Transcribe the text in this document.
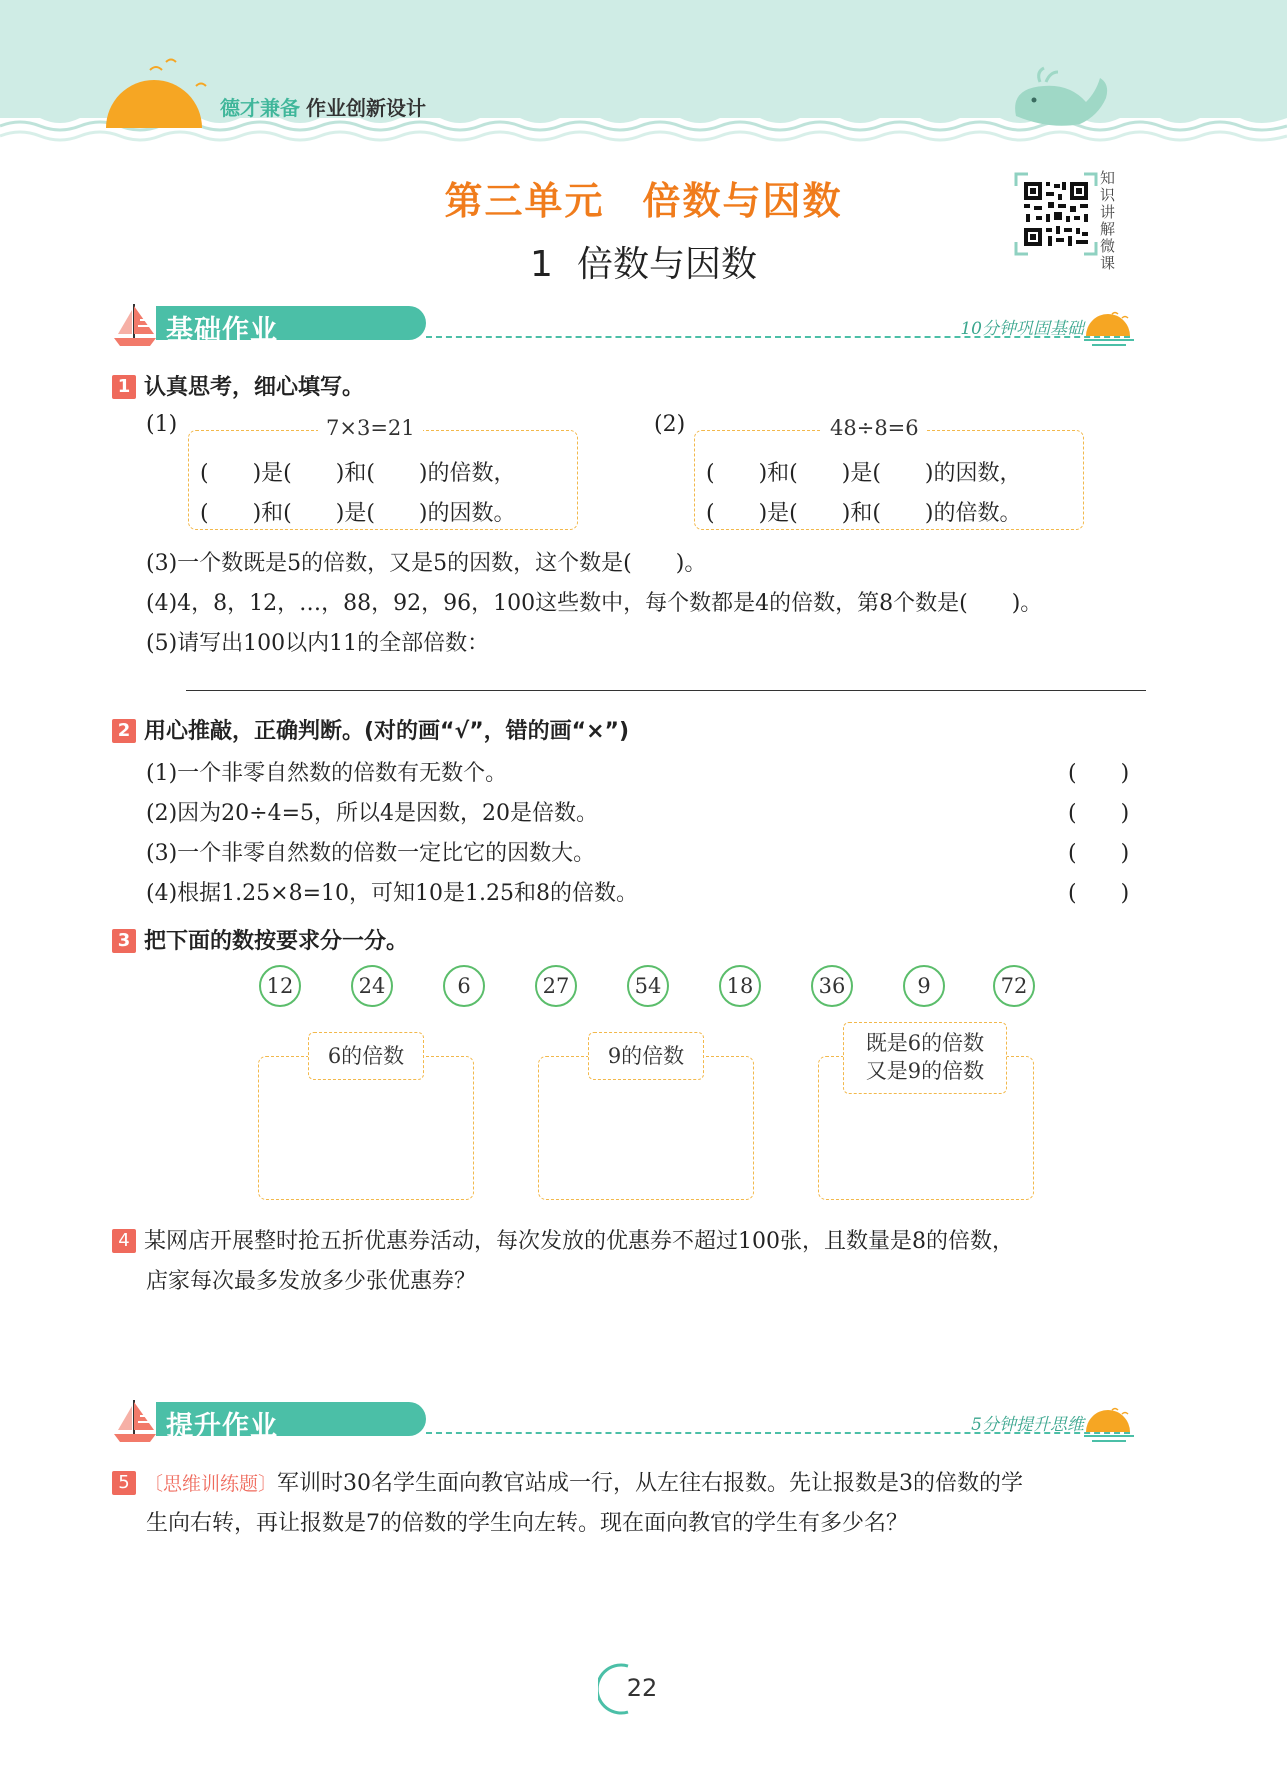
德才兼备 作业创新设计
第三单元 倍数与因数
1 倍数与因数
知识讲解微课
基础作业	10分钟巩固基础
1 认真思考，细心填写。
(1)	7×3=21
(　　)是(　　)和(　　)的倍数，
(　　)和(　　)是(　　)的因数。
(2)	48÷8=6
(　　)和(　　)是(　　)的因数，
(　　)是(　　)和(　　)的倍数。
(3)一个数既是5的倍数，又是5的因数，这个数是(　　)。
(4)4，8，12，…，88，92，96，100这些数中，每个数都是4的倍数，第8个数是(　　)。
(5)请写出100以内11的全部倍数：
2 用心推敲，正确判断。(对的画“√”，错的画“×”)
(1)一个非零自然数的倍数有无数个。	(　　)
(2)因为20÷4=5，所以4是因数，20是倍数。	(　　)
(3)一个非零自然数的倍数一定比它的因数大。	(　　)
(4)根据1.25×8=10，可知10是1.25和8的倍数。	(　　)
3 把下面的数按要求分一分。
12	24	6	27	54	18	36	9	72
6的倍数	9的倍数
既是6的倍数
又是9的倍数
4 某网店开展整时抢五折优惠券活动，每次发放的优惠券不超过100张，且数量是8的倍数，
店家每次最多发放多少张优惠券？
提升作业	5分钟提升思维
5 〔思维训练题〕军训时30名学生面向教官站成一行，从左往右报数。先让报数是3的倍数的学
生向右转，再让报数是7的倍数的学生向左转。现在面向教官的学生有多少名？
22
